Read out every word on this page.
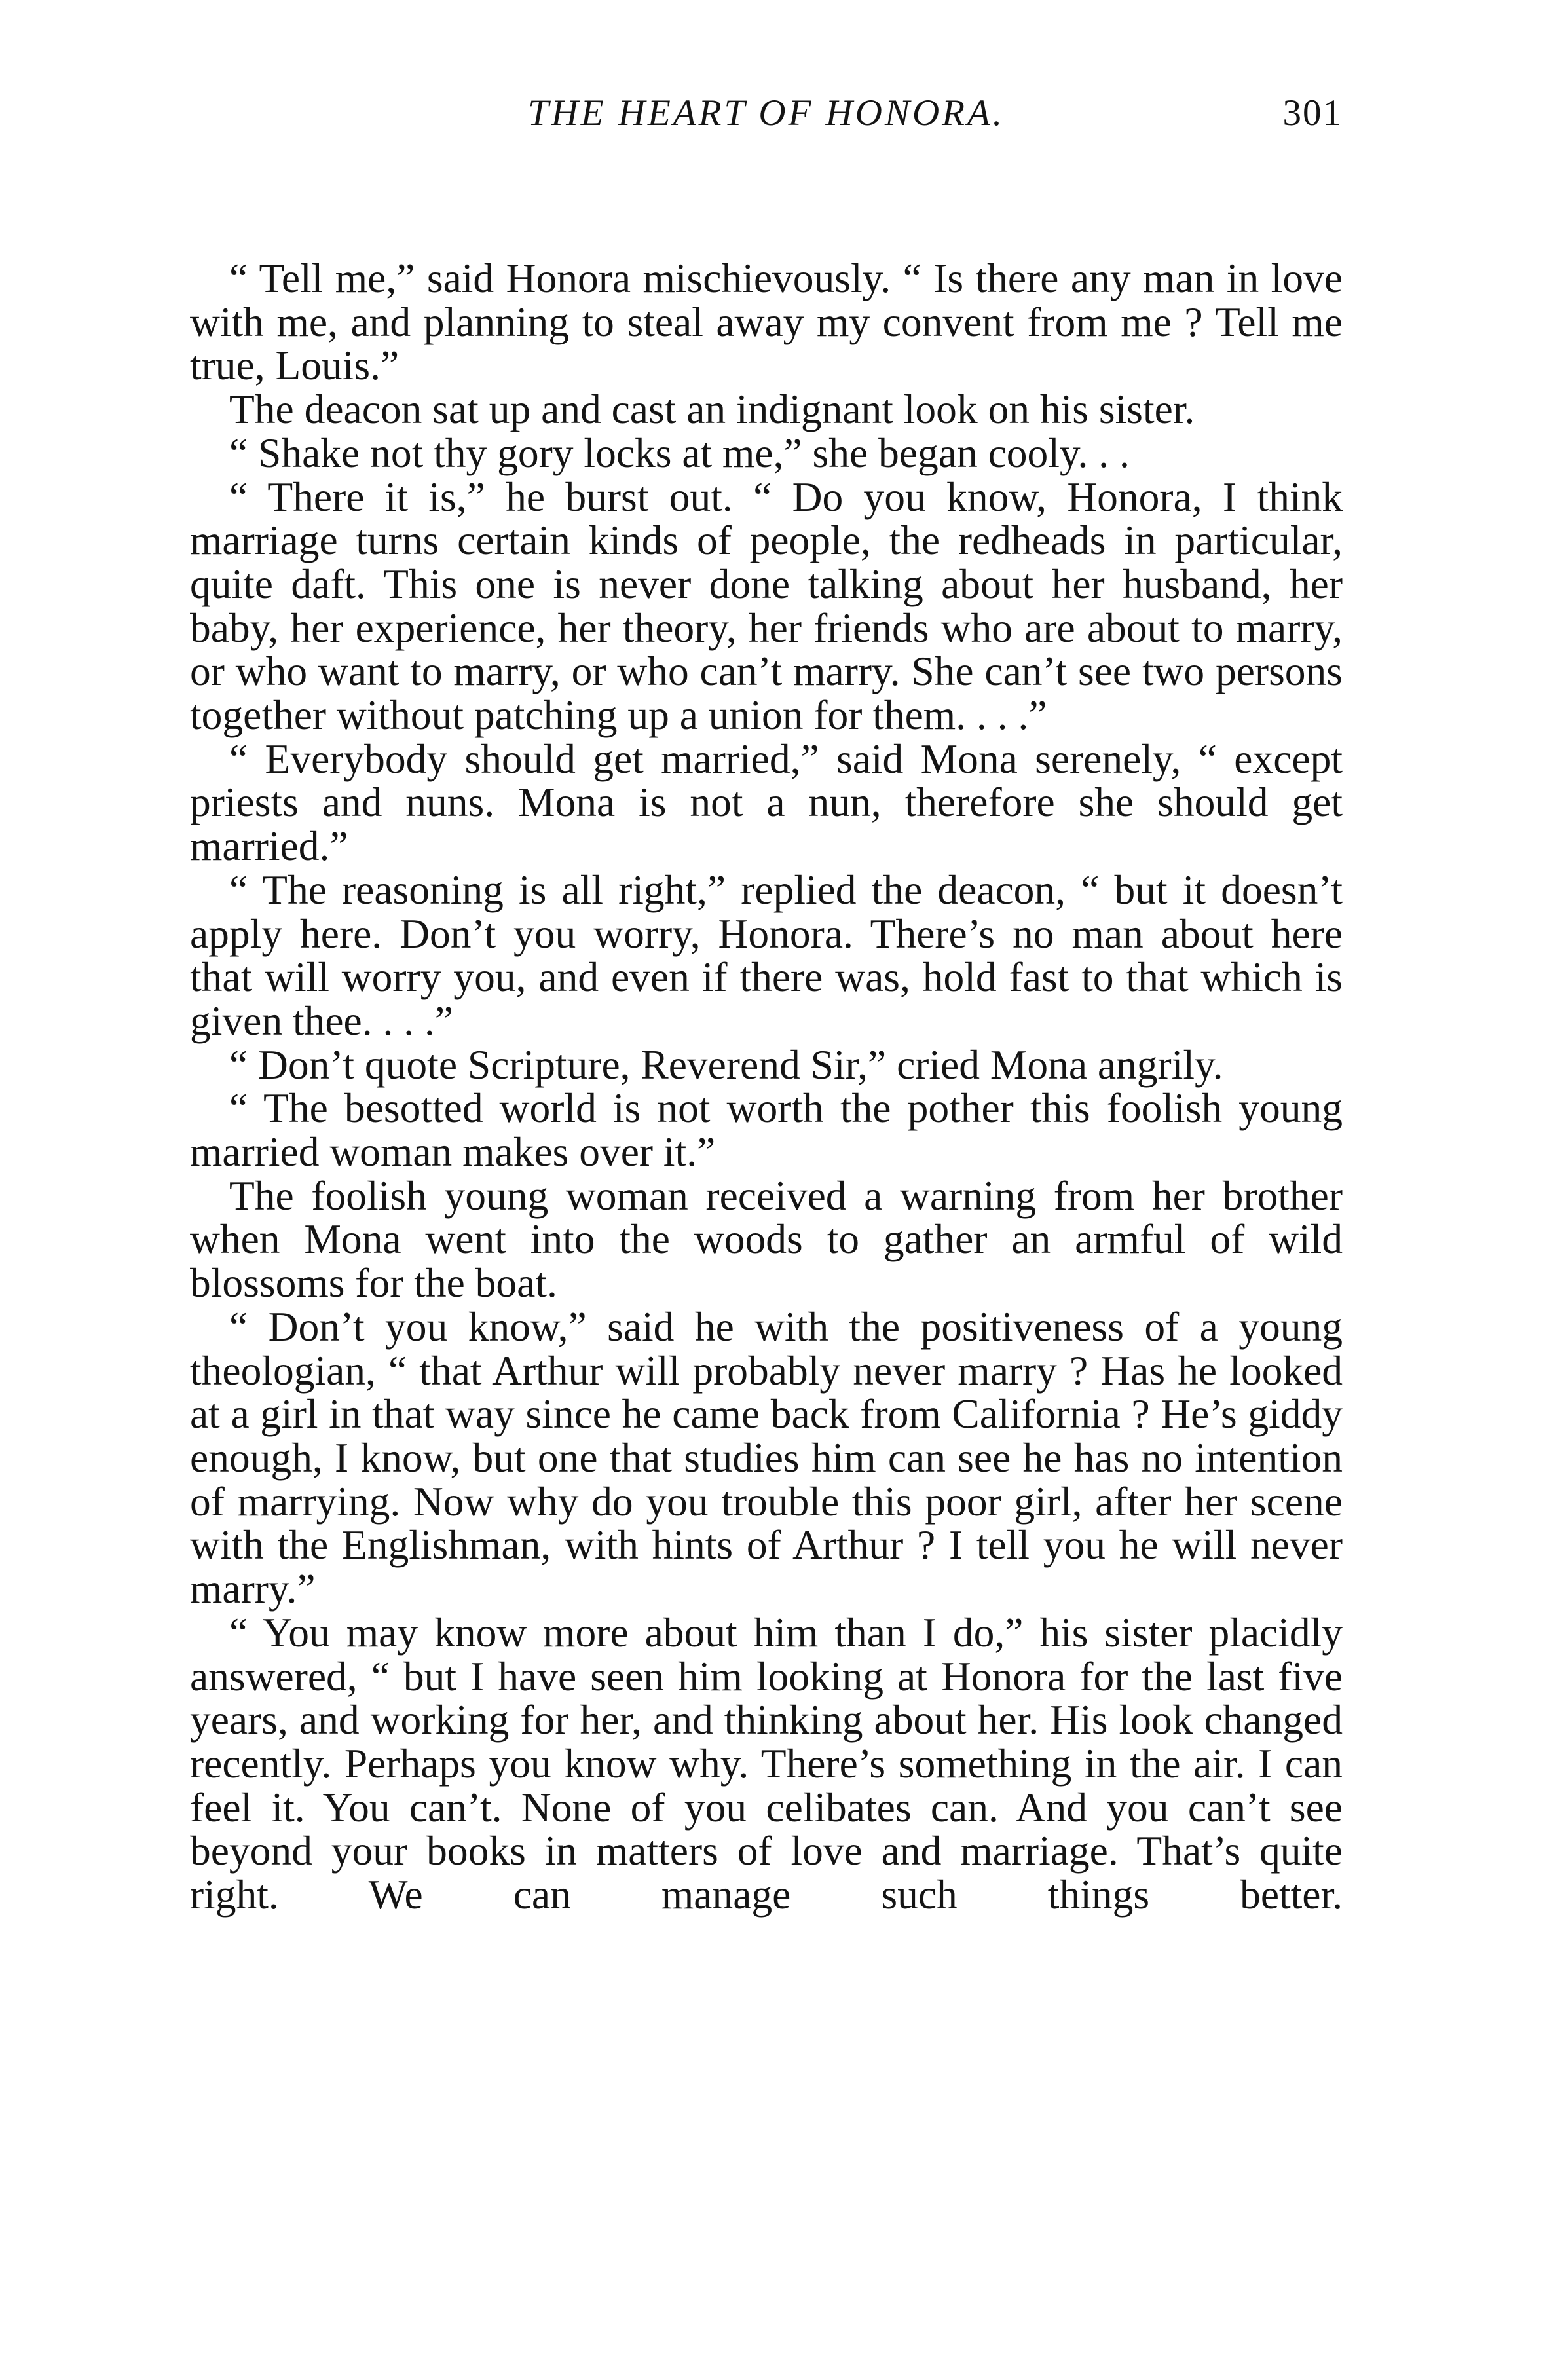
THE HEART OF HONORA.	301

“ Tell me,” said Honora mischievously. “ Is there any man in love with me, and planning to steal away my convent from me ? Tell me true, Louis.”

The deacon sat up and cast an indignant look on his sister.

“ Shake not thy gory locks at me,” she began cooly. . .

“ There it is,” he burst out. “ Do you know, Honora, I think marriage turns certain kinds of people, the redheads in particular, quite daft. This one is never done talking about her husband, her baby, her experience, her theory, her friends who are about to marry, or who want to marry, or who can’t marry. She can’t see two persons together without patching up a union for them. . . .”

“ Everybody should get married,” said Mona serenely, “ except priests and nuns. Mona is not a nun, therefore she should get married.”

“ The reasoning is all right,” replied the deacon, “ but it doesn’t apply here. Don’t you worry, Honora. There’s no man about here that will worry you, and even if there was, hold fast to that which is given thee. . . .”

“ Don’t quote Scripture, Reverend Sir,” cried Mona angrily.

“ The besotted world is not worth the pother this foolish young married woman makes over it.”

The foolish young woman received a warning from her brother when Mona went into the woods to gather an armful of wild blossoms for the boat.

“ Don’t you know,” said he with the positiveness of a young theologian, “ that Arthur will probably never marry ? Has he looked at a girl in that way since he came back from California ? He’s giddy enough, I know, but one that studies him can see he has no intention of marrying. Now why do you trouble this poor girl, after her scene with the Englishman, with hints of Arthur ? I tell you he will never marry.”

“ You may know more about him than I do,” his sister placidly answered, “ but I have seen him looking at Honora for the last five years, and working for her, and thinking about her. His look changed recently. Perhaps you know why. There’s something in the air. I can feel it. You can’t. None of you celibates can. And you can’t see beyond your books in matters of love and marriage. That’s quite right. We can manage such things better.
